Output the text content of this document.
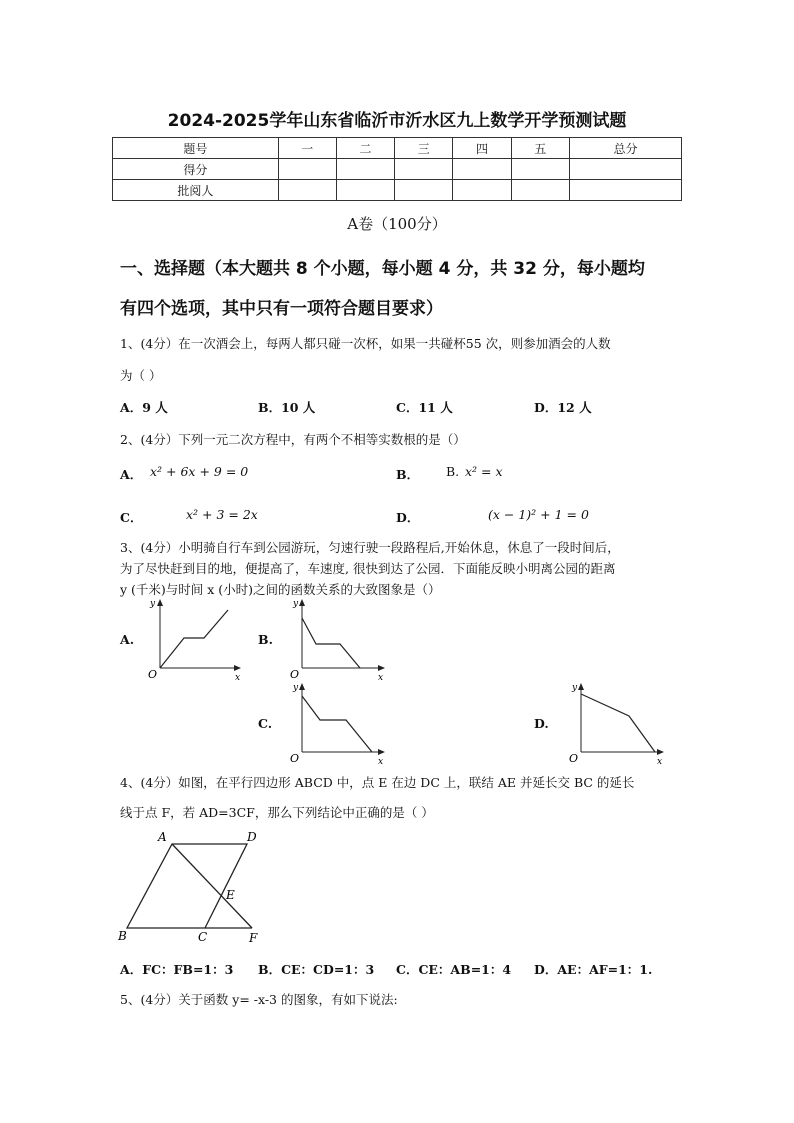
2024-2025学年山东省临沂市沂水区九上数学开学预测试题
题号	一	二	三	四	五	总分
得分						
批阅人						
A卷（100分）
一、选择题（本大题共 8 个小题，每小题 4 分，共 32 分，每小题均
有四个选项，其中只有一项符合题目要求）
1、(4分）在一次酒会上，每两人都只碰一次杯，如果一共碰杯55 次，则参加酒会的人数
为（ ）
A．9 人	B．10 人	C．11 人	D．12 人
2、(4分）下列一元二次方程中，有两个不相等实数根的是（）
A． x² + 6x + 9 = 0	B． B. x² = x
C．	x² + 3 = 2x	D．	(x − 1)² + 1 = 0
3、(4分）小明骑自行车到公园游玩，匀速行驶一段路程后,开始休息，休息了一段时间后，
为了尽快赶到目的地，便提高了，车速度, 很快到达了公园．下面能反映小明离公园的距离
y (千米)与时间 x (小时)之间的函数关系的大致图象是（）
A.	B.
C.	D.
y
O	x
y
O	x
y
O	x
y
O	x
4、(4分）如图，在平行四边形 ABCD 中，点 E 在边 DC 上，联结 AE 并延长交 BC 的延长
线于点 F，若 AD=3CF，那么下列结论中正确的是（ ）
A	D
E
B	C	F
A．FC：FB=1：3 B．CE：CD=1：3 C．CE：AB=1：4 D．AE：AF=1：1.
5、(4分）关于函数 y= -x-3 的图象，有如下说法:
